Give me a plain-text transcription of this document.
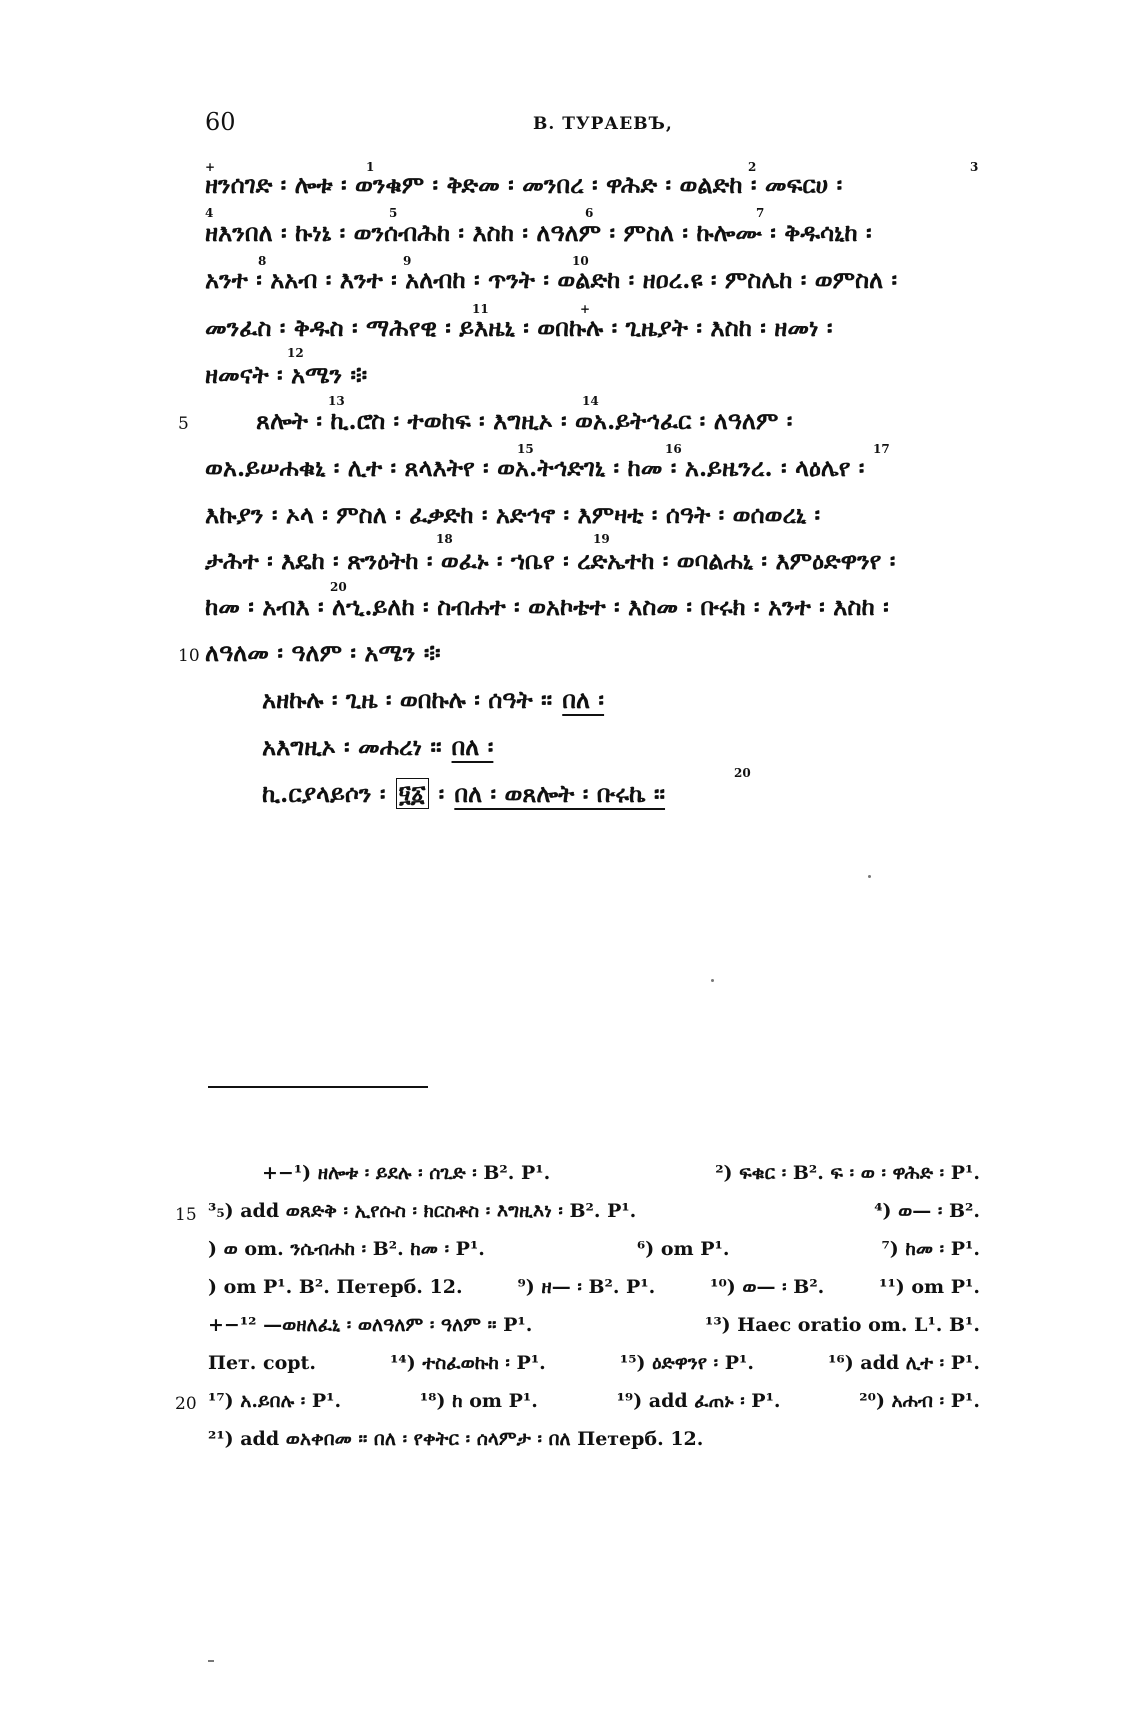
60	B. ТУРАЕВЪ,
+	1	2	3
4	5	6	7
8	9	10
11	+
12
13	14
15	16	17
18	19
20
ዘንሰገድ ፡ ሎቱ ፡ ወንቁም ፡ ቅድመ ፡ መንበረ ፡ ዋሕድ ፡ ወልድከ ፡ መፍርሀ ፡
ዘእንበለ ፡ ኩነኔ ፡ ወንሰብሕከ ፡ እስከ ፡ ለዓለም ፡ ምስለ ፡ ኩሎሙ ፡ ቅዱሳኒከ ፡
አንተ ፡ አአብ ፡ እንተ ፡ አለብከ ፡ ጥንት ፡ ወልድከ ፡ ዘዐረ.ዩ ፡ ምስሌከ ፡ ወምስለ ፡
መንፈስ ፡ ቅዱስ ፡ ማሕየዊ ፡ ይእዜኒ ፡ ወበኩሉ ፡ ጊዜያት ፡ እስከ ፡ ዘመነ ፡
ዘመናት ፡ አሜን ፨
5	ጸሎት ፡ ኪ.ሮስ ፡ ተወከፍ ፡ እግዚኦ ፡ ወአ.ይትኅፈር ፡ ለዓለም ፡
ወአ.ይሠሐቁኒ ፡ ሊተ ፡ ጸላእትየ ፡ ወአ.ትኅድገኒ ፡ ከመ ፡ አ.ይዜንረ. ፡ ላዕሌየ ፡
እኩያን ፡ ኦላ ፡ ምስለ ፡ ፈቃድከ ፡ አድኅኖ ፡ እምዛቲ ፡ ሰዓት ፡ ወሰወረኒ ፡
ታሕተ ፡ እዴከ ፡ ጽንዕትከ ፡ ወፈኑ ፡ ኀቤየ ፡ ረድኤተከ ፡ ወባልሐኒ ፡ እምዕድዋንየ ፡
ከመ ፡ አብእ ፡ ለኂ.ይለከ ፡ ስብሐተ ፡ ወአኮቴተ ፡ እስመ ፡ ቡሩክ ፡ አንተ ፡ እስከ ፡
10 ለዓለመ ፡ ዓለም ፡ አሜን ፨
አዘኩሉ ፡ ጊዜ ፡ ወበኩሉ ፡ ሰዓት ። በለ ፡
አእግዚኦ ፡ መሐረነ ። በለ ፡
ኪ.ርያላይሶን ፡ ፶፩ ፡ በለ ፡ ወጸሎት ፡ ቡሩኬ ።
20
+−¹) ዘሎቱ ፡ ይደሉ ፡ ሰጊድ ፡ B². P¹.	²) ፍቁር ፡ B². ፍ ፡ ወ ፡ ዋሕድ ፡ P¹.
15 ³₅) add ወጸድቅ ፡ ኢየሱስ ፡ ክርስቶስ ፡ እግዚእነ ፡ B². P¹.	⁴) ወ— ፡ B².
) ወ om. ንሴብሐከ ፡ B². ከመ ፡ P¹.	⁶) om P¹.	⁷) ከመ ፡ P¹.
) om P¹. B². Петерб. 12.	⁹) ዘ— ፡ B². P¹.	¹⁰) ወ— ፡ B².	¹¹) om P¹.
+−¹² —ወዘለፈኒ ፡ ወለዓለም ፡ ዓለም ። P¹.	¹³) Haec oratio om. L¹. B¹.
Пет. copt.	¹⁴) ተስፈወኩከ ፡ P¹.	¹⁵) ዕድዋንየ ፡ P¹.	¹⁶) add ሊተ ፡ P¹.
20 ¹⁷) አ.ይበሉ ፡ P¹.	¹⁸) ከ om P¹.	¹⁹) add ፈጠኑ ፡ P¹.	²⁰) አሐብ ፡ P¹.
²¹) add ወአቀበመ ። በለ ፡ የቀትር ፡ ሰላምታ ፡ በለ Петерб. 12.
